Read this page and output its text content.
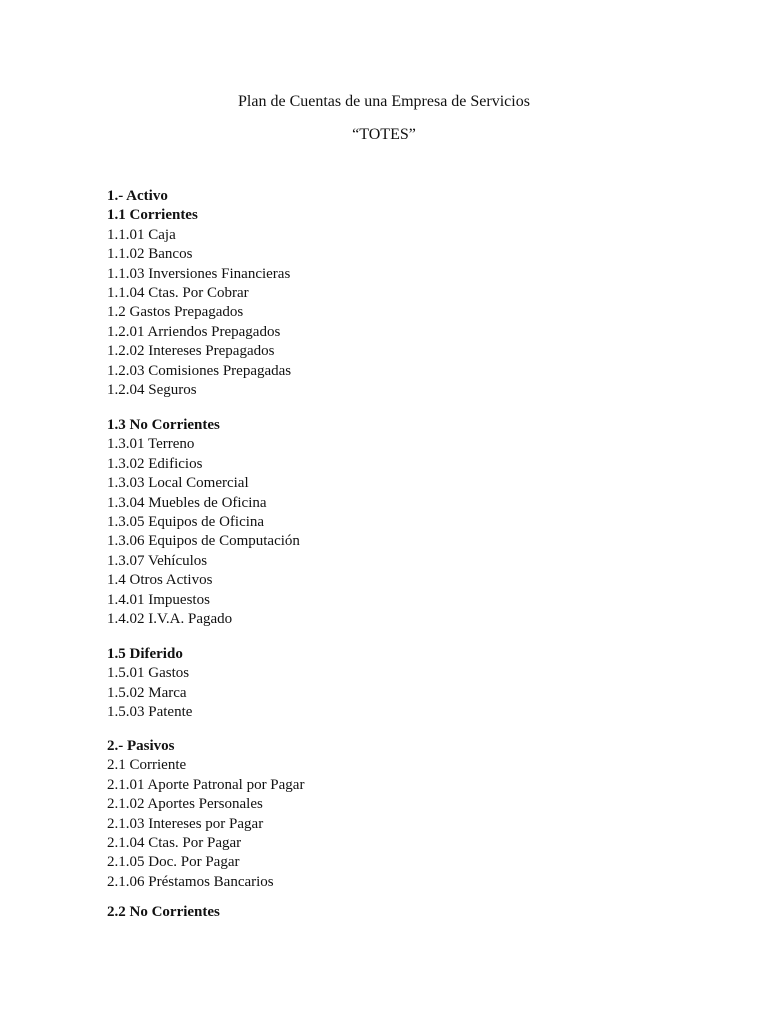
Plan de Cuentas de una Empresa de Servicios
“TOTES”
1.- Activo
1.1 Corrientes
1.1.01 Caja
1.1.02 Bancos
1.1.03 Inversiones Financieras
1.1.04 Ctas. Por Cobrar
1.2 Gastos Prepagados
1.2.01 Arriendos Prepagados
1.2.02 Intereses Prepagados
1.2.03 Comisiones Prepagadas
1.2.04 Seguros
1.3 No Corrientes
1.3.01 Terreno
1.3.02 Edificios
1.3.03 Local Comercial
1.3.04 Muebles de Oficina
1.3.05 Equipos de Oficina
1.3.06 Equipos de Computación
1.3.07 Vehículos
1.4 Otros Activos
1.4.01 Impuestos
1.4.02 I.V.A. Pagado
1.5 Diferido
1.5.01 Gastos
1.5.02 Marca
1.5.03 Patente
2.- Pasivos
2.1 Corriente
2.1.01 Aporte Patronal por Pagar
2.1.02 Aportes Personales
2.1.03 Intereses por Pagar
2.1.04 Ctas. Por Pagar
2.1.05 Doc. Por Pagar
2.1.06 Préstamos Bancarios
2.2 No Corrientes
